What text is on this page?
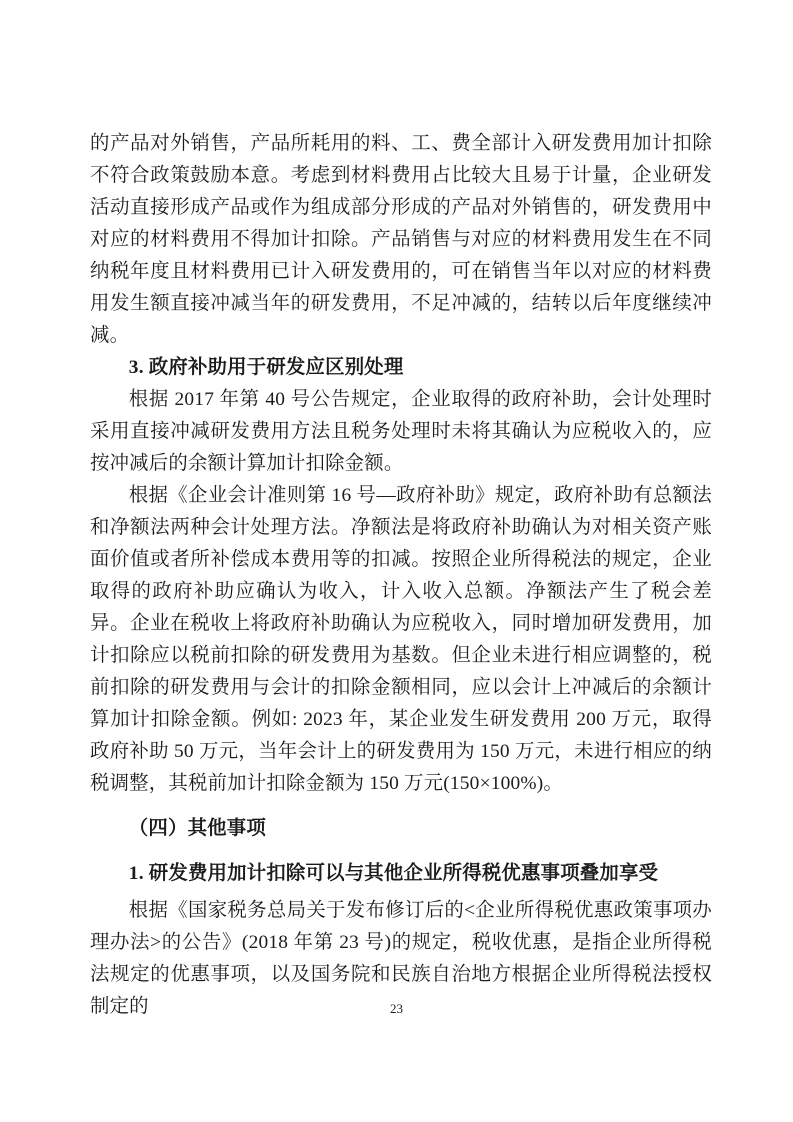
的产品对外销售，产品所耗用的料、工、费全部计入研发费用加计扣除不符合政策鼓励本意。考虑到材料费用占比较大且易于计量，企业研发活动直接形成产品或作为组成部分形成的产品对外销售的，研发费用中对应的材料费用不得加计扣除。产品销售与对应的材料费用发生在不同纳税年度且材料费用已计入研发费用的，可在销售当年以对应的材料费用发生额直接冲减当年的研发费用，不足冲减的，结转以后年度继续冲减。

3. 政府补助用于研发应区别处理

根据 2017 年第 40 号公告规定，企业取得的政府补助，会计处理时采用直接冲减研发费用方法且税务处理时未将其确认为应税收入的，应按冲减后的余额计算加计扣除金额。

根据《企业会计准则第 16 号—政府补助》规定，政府补助有总额法和净额法两种会计处理方法。净额法是将政府补助确认为对相关资产账面价值或者所补偿成本费用等的扣减。按照企业所得税法的规定，企业取得的政府补助应确认为收入，计入收入总额。净额法产生了税会差异。企业在税收上将政府补助确认为应税收入，同时增加研发费用，加计扣除应以税前扣除的研发费用为基数。但企业未进行相应调整的，税前扣除的研发费用与会计的扣除金额相同，应以会计上冲减后的余额计算加计扣除金额。例如: 2023 年，某企业发生研发费用 200 万元，取得政府补助 50 万元，当年会计上的研发费用为 150 万元，未进行相应的纳税调整，其税前加计扣除金额为 150 万元(150×100%)。

（四）其他事项

1. 研发费用加计扣除可以与其他企业所得税优惠事项叠加享受

根据《国家税务总局关于发布修订后的<企业所得税优惠政策事项办理办法>的公告》(2018 年第 23 号)的规定，税收优惠，是指企业所得税法规定的优惠事项，以及国务院和民族自治地方根据企业所得税法授权制定的	23
